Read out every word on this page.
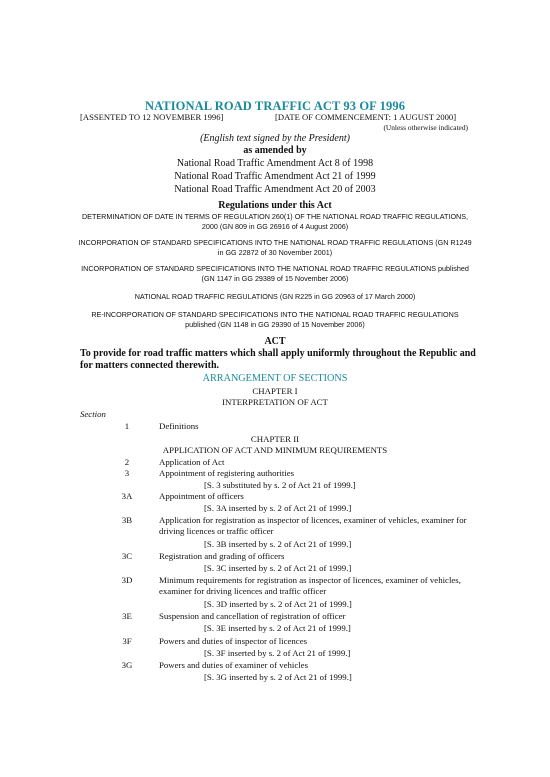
NATIONAL ROAD TRAFFIC ACT 93 OF 1996
[ASSENTED TO 12 NOVEMBER 1996]	[DATE OF COMMENCEMENT: 1 AUGUST 2000]
(Unless otherwise indicated)
(English text signed by the President)
as amended by
National Road Traffic Amendment Act 8 of 1998
National Road Traffic Amendment Act 21 of 1999
National Road Traffic Amendment Act 20 of 2003
Regulations under this Act
DETERMINATION OF DATE IN TERMS OF REGULATION 260(1) OF THE NATIONAL ROAD TRAFFIC REGULATIONS, 2000 (GN 809 in GG 26916 of 4 August 2006)
INCORPORATION OF STANDARD SPECIFICATIONS INTO THE NATIONAL ROAD TRAFFIC REGULATIONS (GN R1249 in GG 22872 of 30 November 2001)
INCORPORATION OF STANDARD SPECIFICATIONS INTO THE NATIONAL ROAD TRAFFIC REGULATIONS published (GN 1147 in GG 29389 of 15 November 2006)
NATIONAL ROAD TRAFFIC REGULATIONS (GN R225 in GG 20963 of 17 March 2000)
RE-INCORPORATION OF STANDARD SPECIFICATIONS INTO THE NATIONAL ROAD TRAFFIC REGULATIONS published (GN 1148 in GG 29390 of 15 November 2006)
ACT
To provide for road traffic matters which shall apply uniformly throughout the Republic and for matters connected therewith.
ARRANGEMENT OF SECTIONS
CHAPTER I
INTERPRETATION OF ACT
Section
1	Definitions
CHAPTER II
APPLICATION OF ACT AND MINIMUM REQUIREMENTS
2	Application of Act
3	Appointment of registering authorities
[S. 3 substituted by s. 2 of Act 21 of 1999.]
3A	Appointment of officers
[S. 3A inserted by s. 2 of Act 21 of 1999.]
3B	Application for registration as inspector of licences, examiner of vehicles, examiner for driving licences or traffic officer
[S. 3B inserted by s. 2 of Act 21 of 1999.]
3C	Registration and grading of officers
[S. 3C inserted by s. 2 of Act 21 of 1999.]
3D	Minimum requirements for registration as inspector of licences, examiner of vehicles, examiner for driving licences and traffic officer
[S. 3D inserted by s. 2 of Act 21 of 1999.]
3E	Suspension and cancellation of registration of officer
[S. 3E inserted by s. 2 of Act 21 of 1999.]
3F	Powers and duties of inspector of licences
[S. 3F inserted by s. 2 of Act 21 of 1999.]
3G	Powers and duties of examiner of vehicles
[S. 3G inserted by s. 2 of Act 21 of 1999.]
